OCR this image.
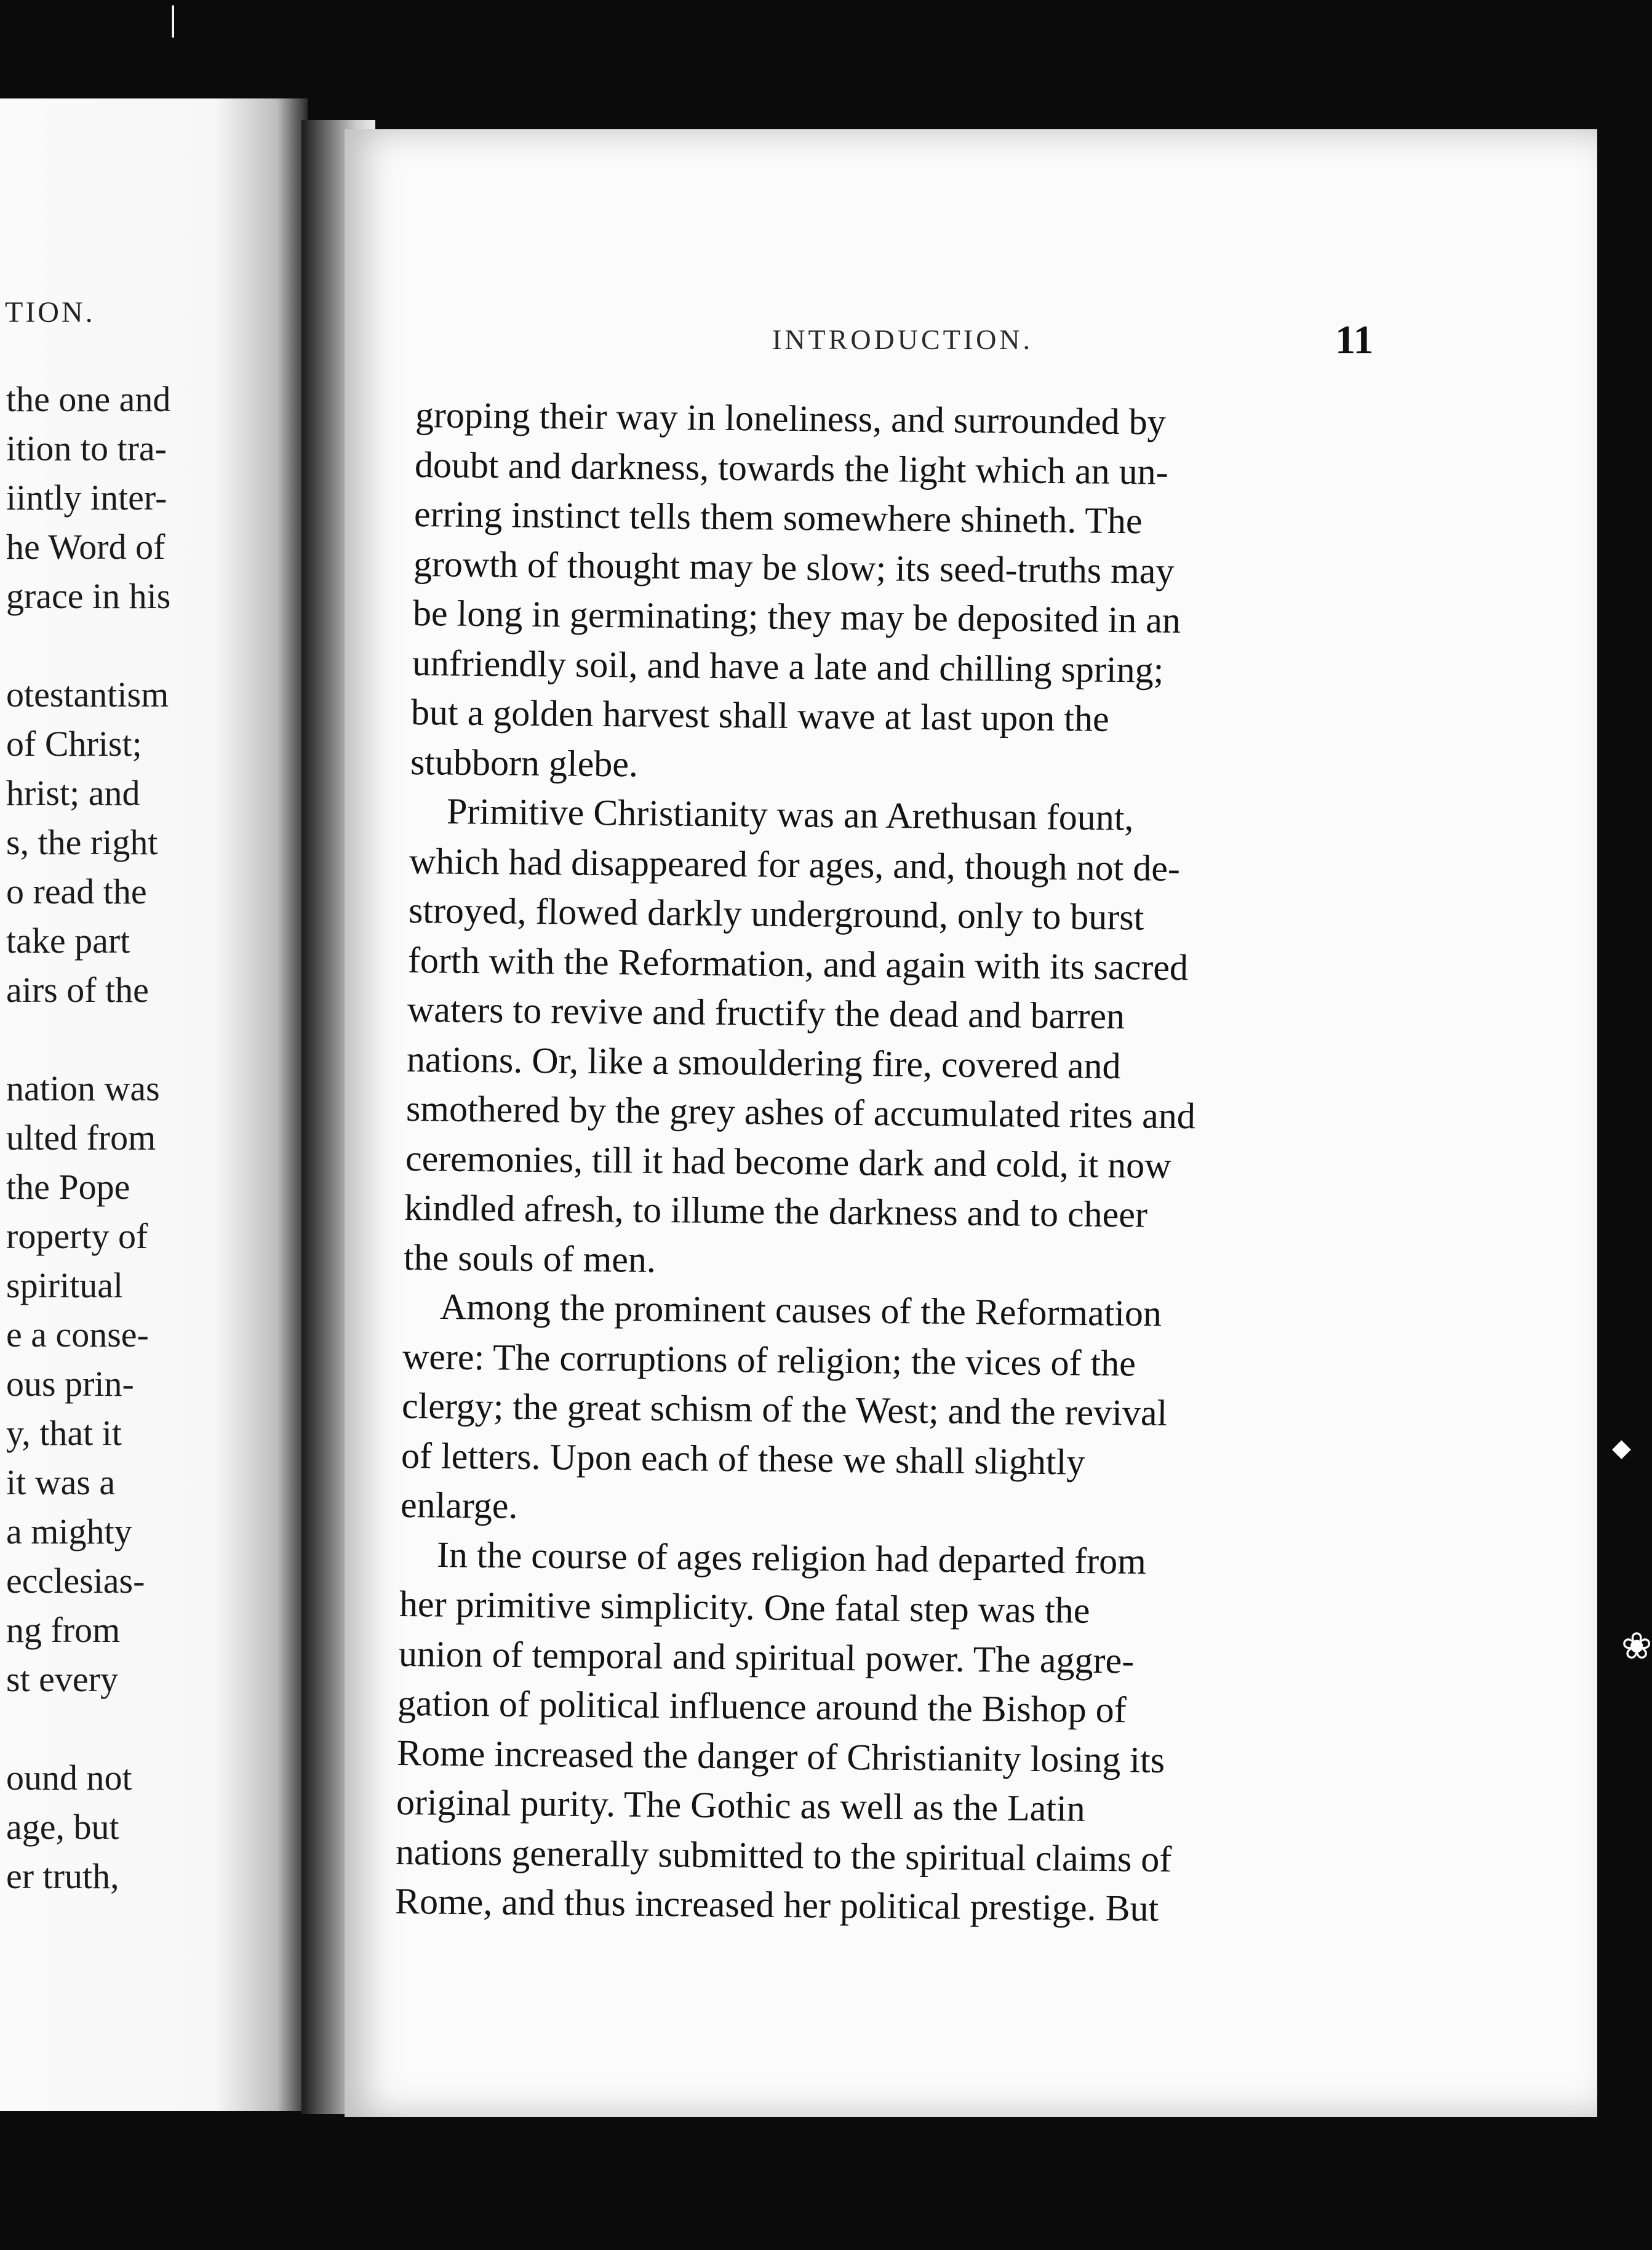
TION.
the one and
ition to tra-
iintly inter-
he Word of
grace in his
otestantism
of Christ;
hrist; and
s, the right
o read the
take part
airs of the
nation was
ulted from
the Pope
roperty of
spiritual
e a conse-
ous prin-
y, that it
it was a
a mighty
ecclesias-
ng from
st every
ound not
age, but
er truth,
INTRODUCTION.	11
groping their way in loneliness, and surrounded by
doubt and darkness, towards the light which an un-
erring instinct tells them somewhere shineth. The
growth of thought may be slow; its seed-truths may
be long in germinating; they may be deposited in an
unfriendly soil, and have a late and chilling spring;
but a golden harvest shall wave at last upon the
stubborn glebe.
Primitive Christianity was an Arethusan fount,
which had disappeared for ages, and, though not de-
stroyed, flowed darkly underground, only to burst
forth with the Reformation, and again with its sacred
waters to revive and fructify the dead and barren
nations. Or, like a smouldering fire, covered and
smothered by the grey ashes of accumulated rites and
ceremonies, till it had become dark and cold, it now
kindled afresh, to illume the darkness and to cheer
the souls of men.
Among the prominent causes of the Reformation
were: The corruptions of religion; the vices of the
clergy; the great schism of the West; and the revival
of letters. Upon each of these we shall slightly
enlarge.
In the course of ages religion had departed from
her primitive simplicity. One fatal step was the
union of temporal and spiritual power. The aggre-
gation of political influence around the Bishop of
Rome increased the danger of Christianity losing its
original purity. The Gothic as well as the Latin
nations generally submitted to the spiritual claims of
Rome, and thus increased her political prestige. But
◆
❀
│
